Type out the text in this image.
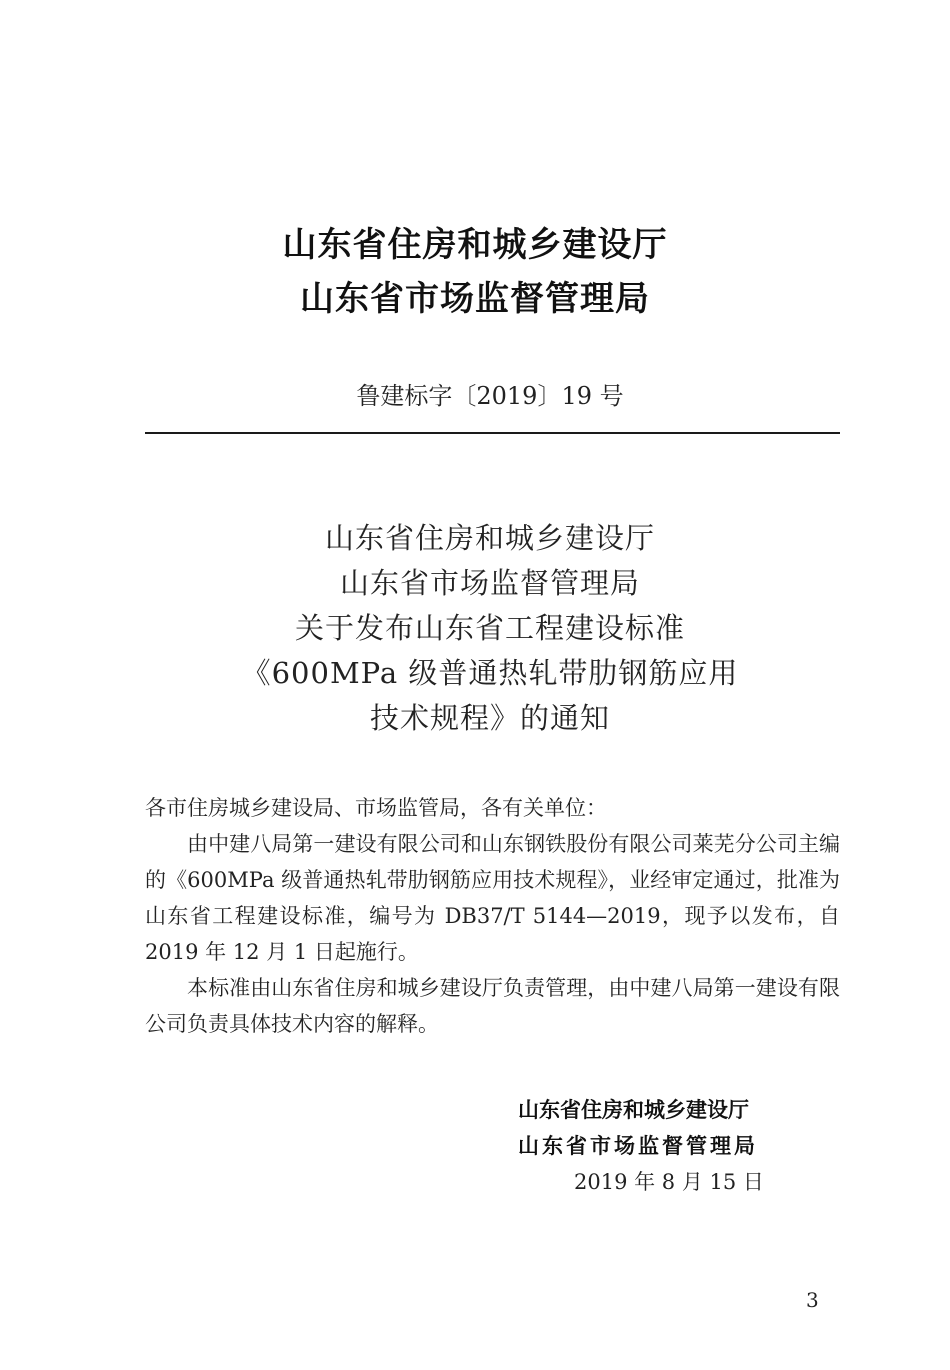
山东省住房和城乡建设厅
山东省市场监督管理局
鲁建标字〔2019〕19 号
山东省住房和城乡建设厅
山东省市场监督管理局
关于发布山东省工程建设标准
《600MPa 级普通热轧带肋钢筋应用
技术规程》的通知

各市住房城乡建设局、市场监管局，各有关单位：

由中建八局第一建设有限公司和山东钢铁股份有限公司莱芜分公司主编的《600MPa 级普通热轧带肋钢筋应用技术规程》，业经审定通过，批准为山东省工程建设标准，编号为 DB37/T 5144—2019，现予以发布，自 2019 年 12 月 1 日起施行。

本标准由山东省住房和城乡建设厅负责管理，由中建八局第一建设有限公司负责具体技术内容的解释。

山东省住房和城乡建设厅
山东省市场监督管理局
2019 年 8 月 15 日
3
